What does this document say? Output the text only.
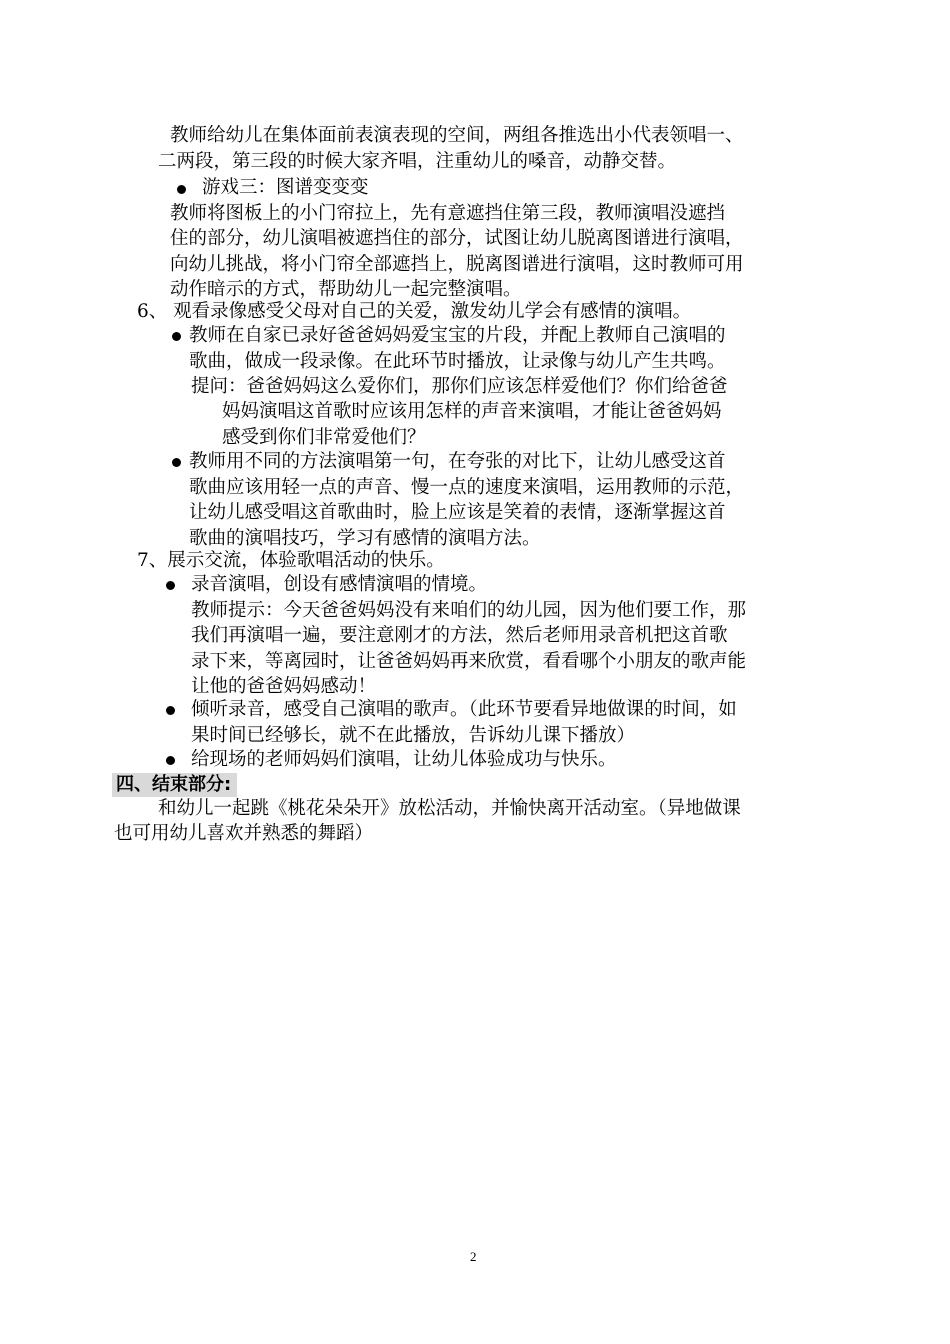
教师给幼儿在集体面前表演表现的空间，两组各推选出小代表领唱一、
二两段，第三段的时候大家齐唱，注重幼儿的嗓音，动静交替。
游戏三：图谱变变变
教师将图板上的小门帘拉上，先有意遮挡住第三段，教师演唱没遮挡
住的部分，幼儿演唱被遮挡住的部分，试图让幼儿脱离图谱进行演唱，
向幼儿挑战，将小门帘全部遮挡上，脱离图谱进行演唱，这时教师可用
动作暗示的方式，帮助幼儿一起完整演唱。
6、 观看录像感受父母对自己的关爱，激发幼儿学会有感情的演唱。
教师在自家已录好爸爸妈妈爱宝宝的片段，并配上教师自己演唱的
歌曲，做成一段录像。在此环节时播放，让录像与幼儿产生共鸣。
提问：爸爸妈妈这么爱你们，那你们应该怎样爱他们？你们给爸爸
妈妈演唱这首歌时应该用怎样的声音来演唱，才能让爸爸妈妈
感受到你们非常爱他们？
教师用不同的方法演唱第一句，在夸张的对比下，让幼儿感受这首
歌曲应该用轻一点的声音、慢一点的速度来演唱，运用教师的示范，
让幼儿感受唱这首歌曲时，脸上应该是笑着的表情，逐渐掌握这首
歌曲的演唱技巧，学习有感情的演唱方法。
7、展示交流，体验歌唱活动的快乐。
录音演唱，创设有感情演唱的情境。
教师提示：今天爸爸妈妈没有来咱们的幼儿园，因为他们要工作，那
我们再演唱一遍，要注意刚才的方法，然后老师用录音机把这首歌
录下来，等离园时，让爸爸妈妈再来欣赏，看看哪个小朋友的歌声能
让他的爸爸妈妈感动！
倾听录音，感受自己演唱的歌声。（此环节要看异地做课的时间，如
果时间已经够长，就不在此播放，告诉幼儿课下播放）
给现场的老师妈妈们演唱，让幼儿体验成功与快乐。
四、结束部分:
和幼儿一起跳《桃花朵朵开》放松活动，并愉快离开活动室。（异地做课
也可用幼儿喜欢并熟悉的舞蹈）
2
